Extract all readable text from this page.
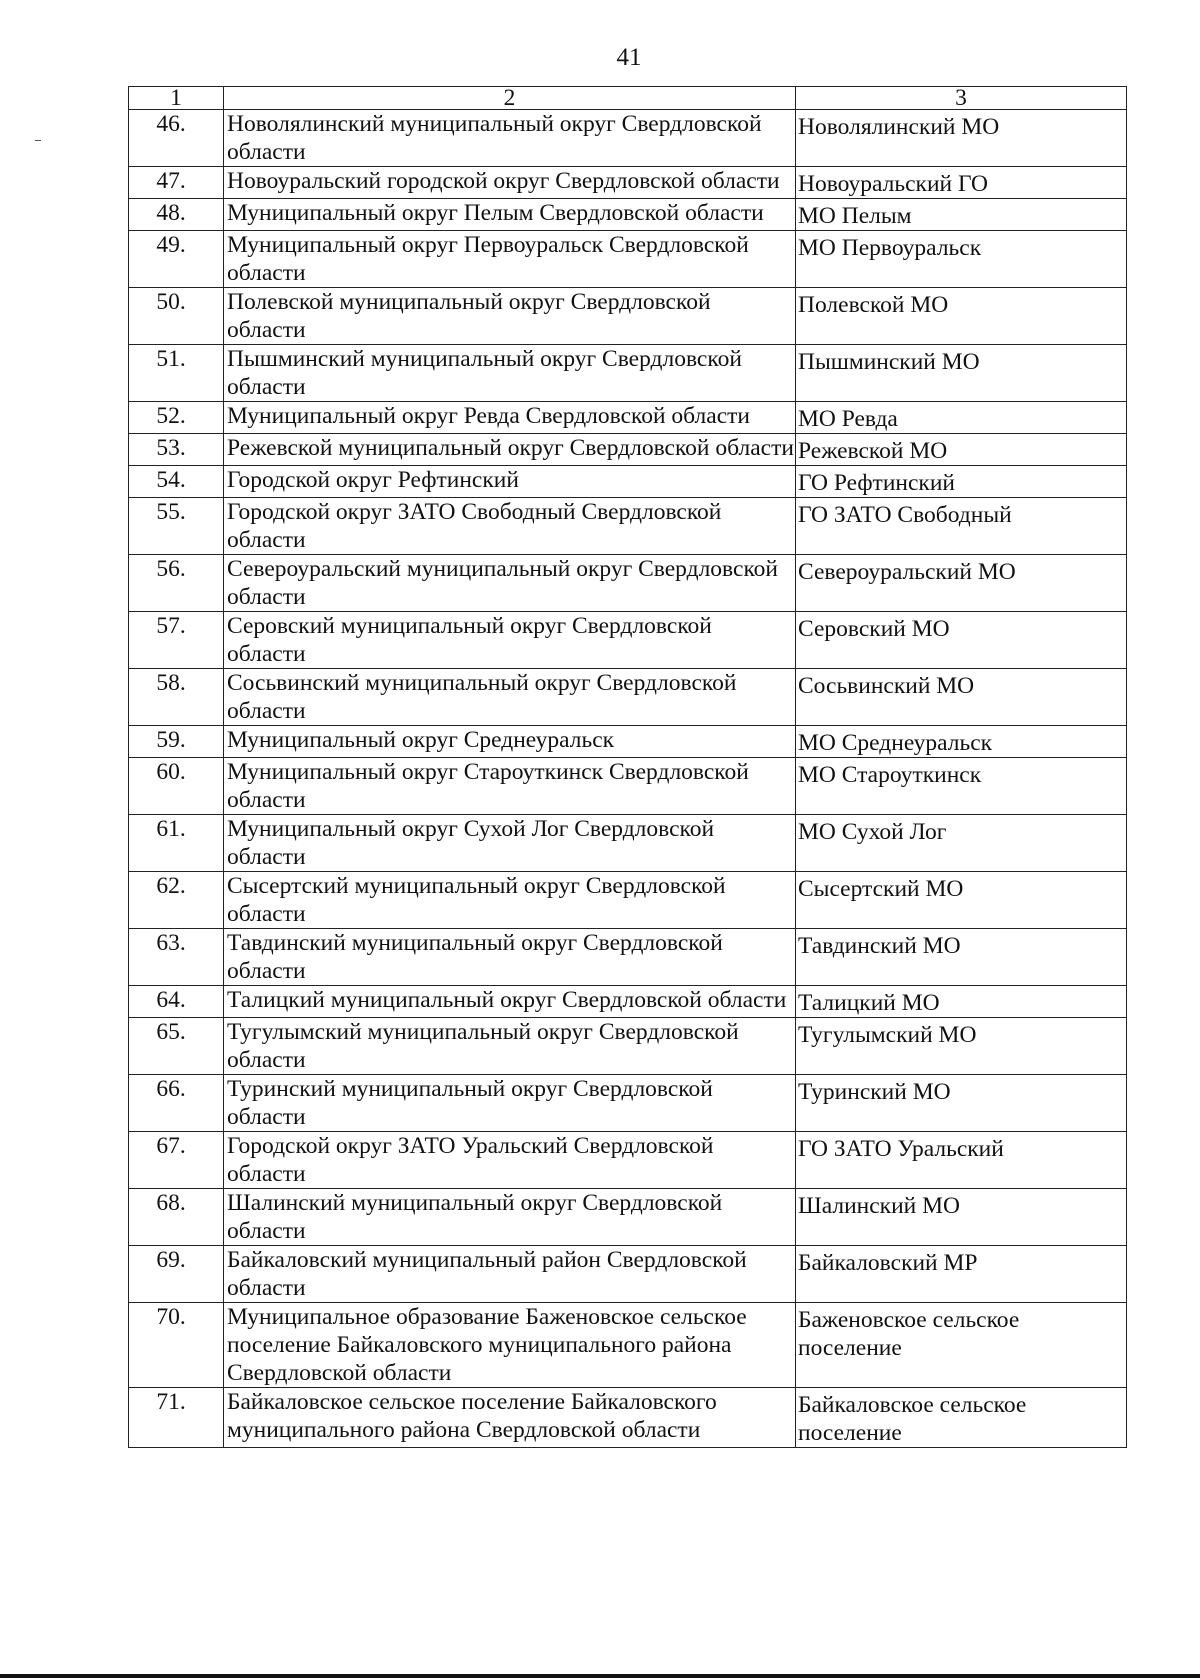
41
1	2	3
46.	Новолялинский муниципальный округ Свердловской области	Новолялинский МО
47.	Новоуральский городской округ Свердловской области	Новоуральский ГО
48.	Муниципальный округ Пелым Свердловской области	МО Пелым
49.	Муниципальный округ Первоуральск Свердловской области	МО Первоуральск
50.	Полевской муниципальный округ Свердловской области	Полевской МО
51.	Пышминский муниципальный округ Свердловской области	Пышминский МО
52.	Муниципальный округ Ревда Свердловской области	МО Ревда
53.	Режевской муниципальный округ Свердловской области	Режевской МО
54.	Городской округ Рефтинский	ГО Рефтинский
55.	Городской округ ЗАТО Свободный Свердловской области	ГО ЗАТО Свободный
56.	Североуральский муниципальный округ Свердловской области	Североуральский МО
57.	Серовский муниципальный округ Свердловской области	Серовский МО
58.	Сосьвинский муниципальный округ Свердловской области	Сосьвинский МО
59.	Муниципальный округ Среднеуральск	МО Среднеуральск
60.	Муниципальный округ Староуткинск Свердловской области	МО Староуткинск
61.	Муниципальный округ Сухой Лог Свердловской области	МО Сухой Лог
62.	Сысертский муниципальный округ Свердловской области	Сысертский МО
63.	Тавдинский муниципальный округ Свердловской области	Тавдинский МО
64.	Талицкий муниципальный округ Свердловской области	Талицкий МО
65.	Тугулымский муниципальный округ Свердловской области	Тугулымский МО
66.	Туринский муниципальный округ Свердловской области	Туринский МО
67.	Городской округ ЗАТО Уральский Свердловской области	ГО ЗАТО Уральский
68.	Шалинский муниципальный округ Свердловской области	Шалинский МО
69.	Байкаловский муниципальный район Свердловской области	Байкаловский МР
70.	Муниципальное образование Баженовское сельское поселение Байкаловского муниципального района Свердловской области	Баженовское сельское поселение
71.	Байкаловское сельское поселение Байкаловского муниципального района Свердловской области	Байкаловское сельское поселение
